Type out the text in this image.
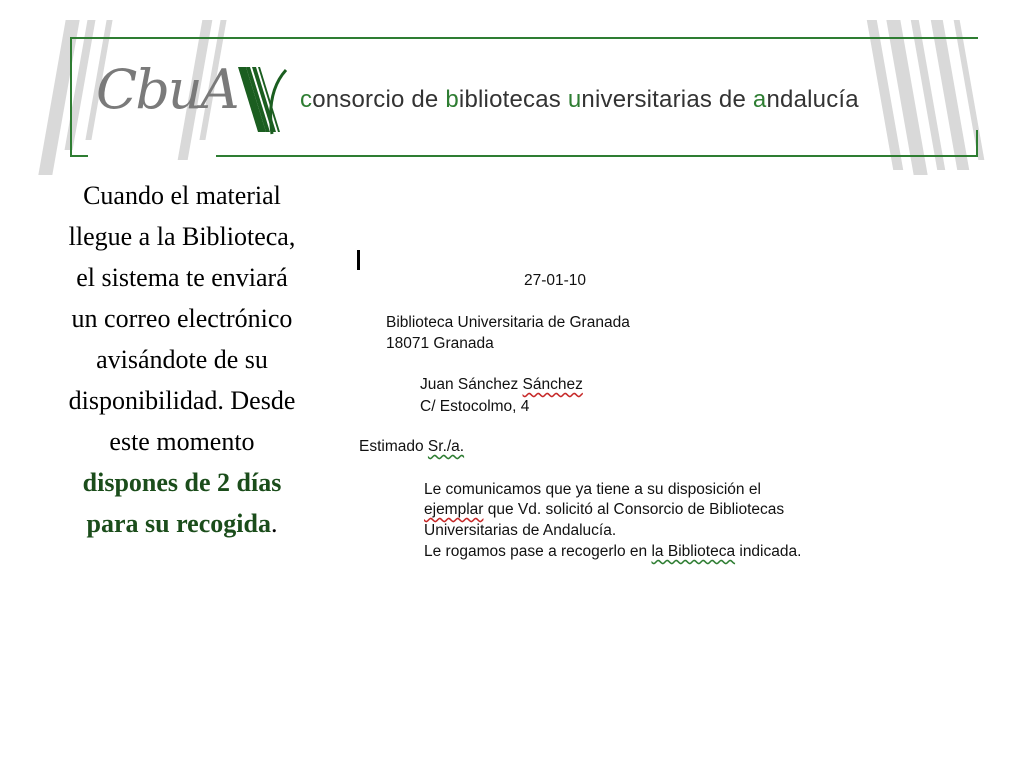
CbuA	consorcio de bibliotecas universitarias de andalucía
Cuando el material llegue a la Biblioteca, el sistema te enviará un correo electrónico avisándote de su disponibilidad. Desde este momento dispones de 2 días para su recogida.
27-01-10
Biblioteca Universitaria de Granada
18071 Granada
Juan Sánchez Sánchez
C/ Estocolmo, 4
Estimado Sr./a.
Le comunicamos que ya tiene a su disposición el
ejemplar que Vd. solicitó al Consorcio de Bibliotecas
Universitarias de Andalucía.
Le rogamos pase a recogerlo en la Biblioteca indicada.
